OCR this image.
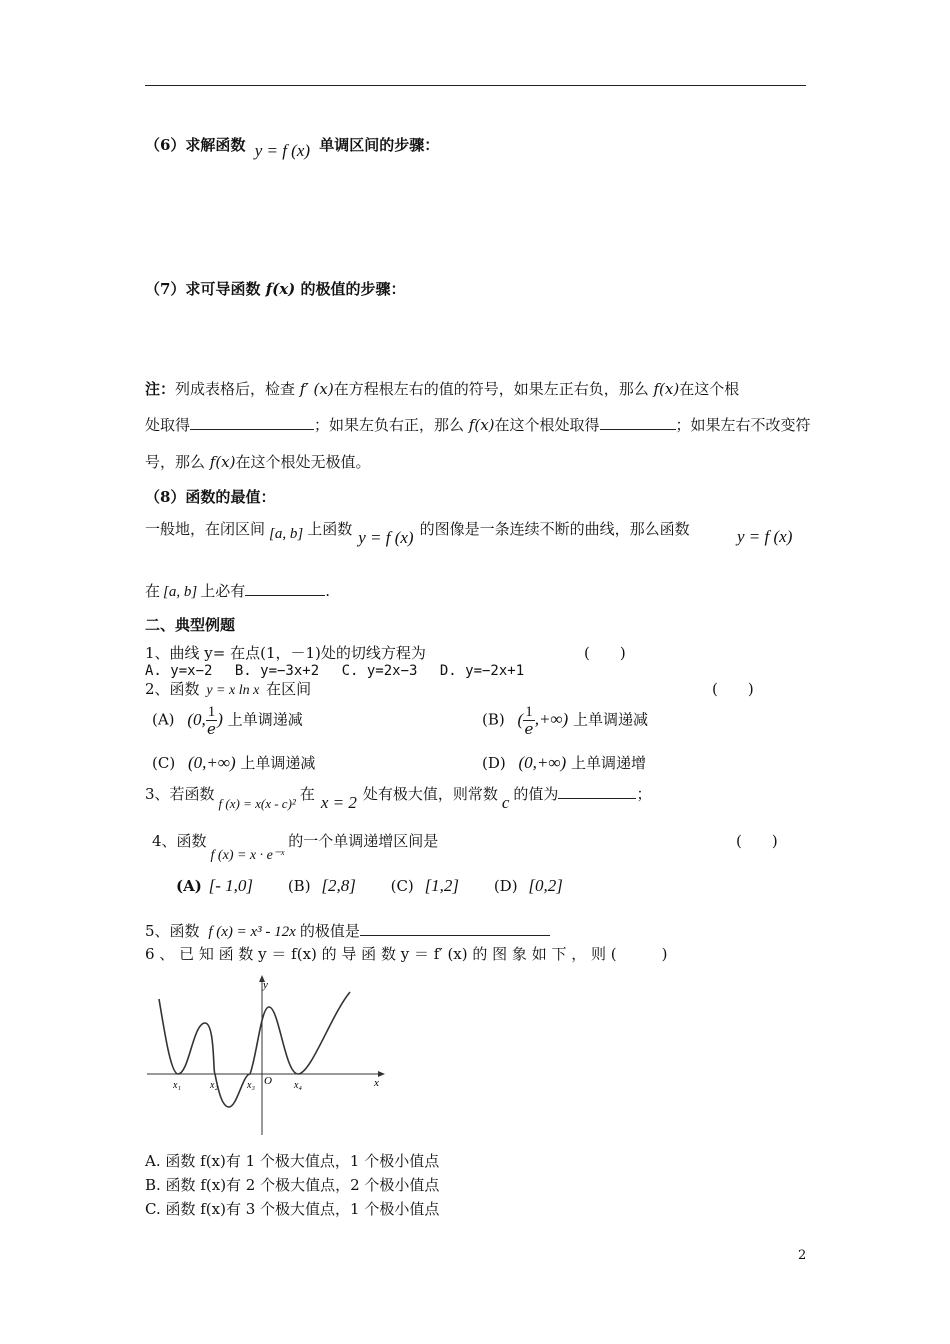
（6）求解函数 y = f (x) 单调区间的步骤：
（7）求可导函数 f(x) 的极值的步骤：
注：列成表格后，检查 f′ (x)在方程根左右的值的符号，如果左正右负，那么 f(x)在这个根
处取得	；如果左负右正，那么 f(x)在这个根处取得	；如果左右不改变符
号，那么 f(x)在这个根处无极值。
（8）函数的最值：
一般地，在闭区间 [a, b] 上函数 y = f (x) 的图像是一条连续不断的曲线，那么函数	y = f (x)
在 [a, b] 上必有	.
二、典型例题
1、曲线 y= 在点(1，－1)处的切线方程为	(　　)
A. y=x−2　 B. y=−3x+2　 C. y=2x−3　 D. y=−2x+1
2、函数 y = x ln x 在区间	(　　)
(A) (0, $\frac{1}{e}$ ) 上单调递减	(B) ( $\frac{1}{e}$ ,+∞) 上单调递减
(C) (0,+∞) 上单调递减	(D) (0,+∞) 上单调递增
3、若函数f (x) = x(x - c)²在 x = 2 处有极大值，则常数 c 的值为	；
4、函数f (x) = x · e⁻ˣ的一个单调递增区间是	(　　)
(A) [- 1,0] (B) [2,8] (C) [1,2] (D) [0,2]
5、函数 f (x) = x³ - 12x 的极值是
6 、 已 知 函 数 y ＝ f(x) 的 导 函 数 y ＝ f′ (x) 的 图 象 如 下 ， 则 (　　　)
y
x
x₁	x₂	x₃ O x₄
A. 函数 f(x)有 1 个极大值点，1 个极小值点
B. 函数 f(x)有 2 个极大值点，2 个极小值点
C. 函数 f(x)有 3 个极大值点，1 个极小值点
2
